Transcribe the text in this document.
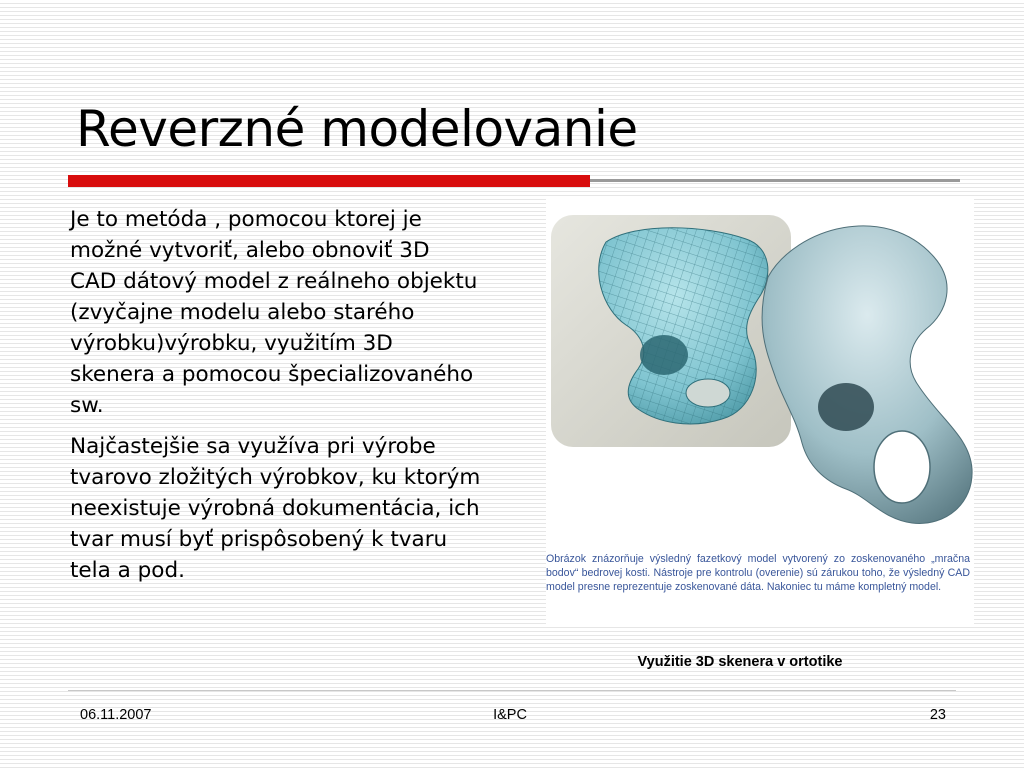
Reverzné modelovanie

Je to metóda , pomocou ktorej je možné vytvoriť, alebo obnoviť 3D CAD dátový model z reálneho objektu (zvyčajne modelu alebo starého výrobku)výrobku, využitím 3D skenera a pomocou špecializovaného sw.

Najčastejšie sa využíva pri výrobe tvarovo zložitých výrobkov, ku ktorým neexistuje výrobná dokumentácia, ich tvar musí byť prispôsobený k tvaru tela a pod.	Obrázok znázorňuje výsledný fazetkový model vytvorený zo zoskenovaného „mračna bodov“ bedrovej kosti. Nástroje pre kontrolu (overenie) sú zárukou toho, že výsledný CAD model presne reprezentuje zoskenované dáta. Nakoniec tu máme kompletný model.
Využitie 3D skenera v ortotike
06.11.2007	I&PC	23
